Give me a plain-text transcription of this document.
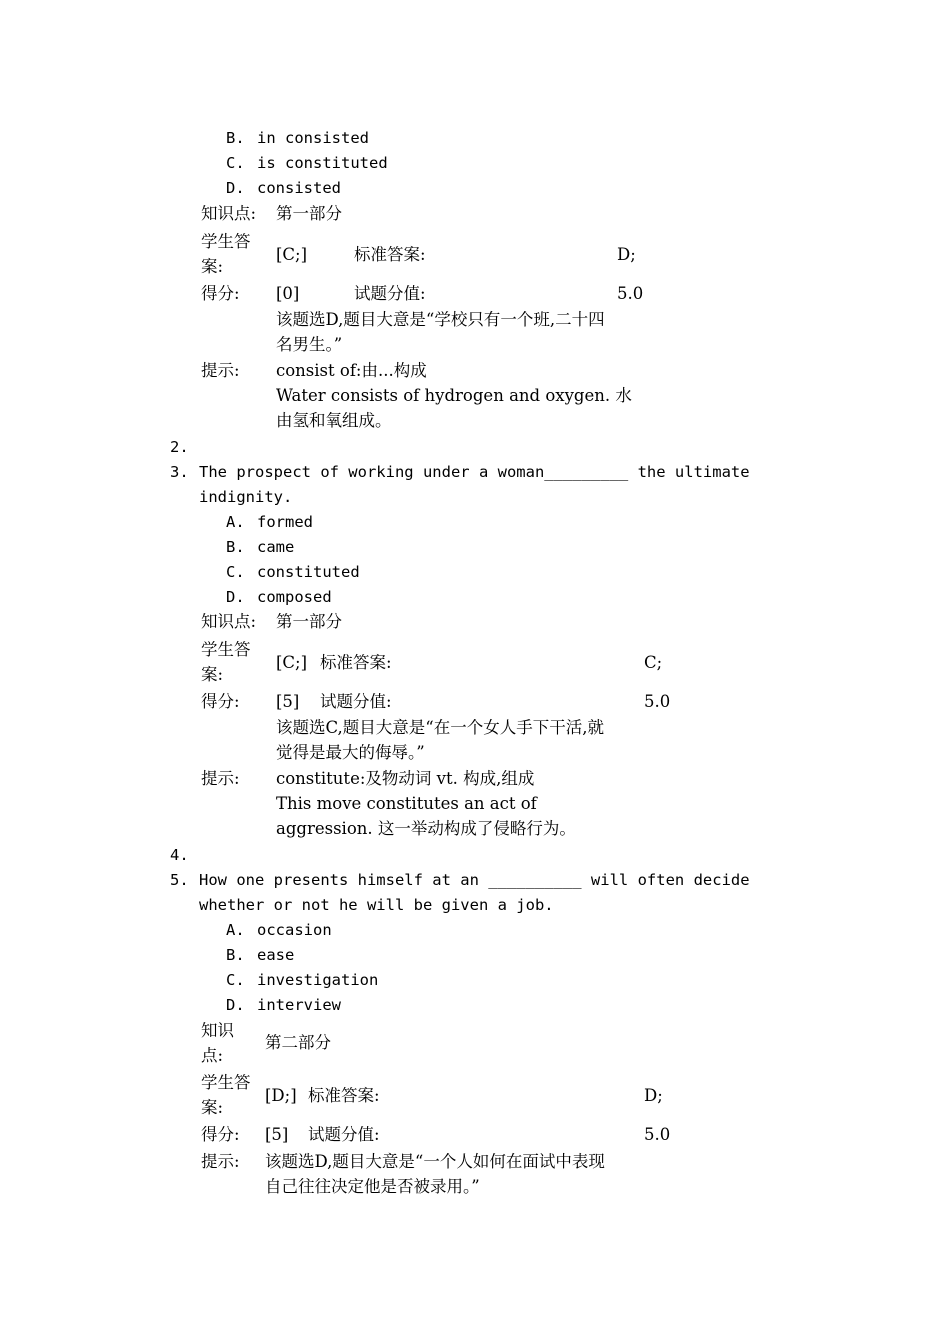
B. in consisted
C. is constituted
D. consisted
知识点: 第一部分
学生答
案:
[C;]	标准答案:	D;
得分: [0]	试题分值:	5.0
该题选D,题目大意是“学校只有一个班,二十四
名男生。”
提示: consist of:由...构成
Water consists of hydrogen and oxygen. 水
由氢和氧组成。
2.
3. The prospect of working under a woman_________ the ultimate
indignity.
A. formed
B. came
C. constituted
D. composed
知识点: 第一部分
学生答
案:
[C;] 标准答案:	C;
得分: [5] 试题分值:	5.0
该题选C,题目大意是“在一个女人手下干活,就
觉得是最大的侮辱。”
提示: constitute:及物动词 vt. 构成,组成
This move constitutes an act of
aggression. 这一举动构成了侵略行为。
4.
5. How one presents himself at an __________ will often decide
whether or not he will be given a job.
A. occasion
B. ease
C. investigation
D. interview
知识
点:
第二部分
学生答
案:
[D;] 标准答案:	D;
得分: [5] 试题分值:	5.0
提示: 该题选D,题目大意是“一个人如何在面试中表现
自己往往决定他是否被录用。”
